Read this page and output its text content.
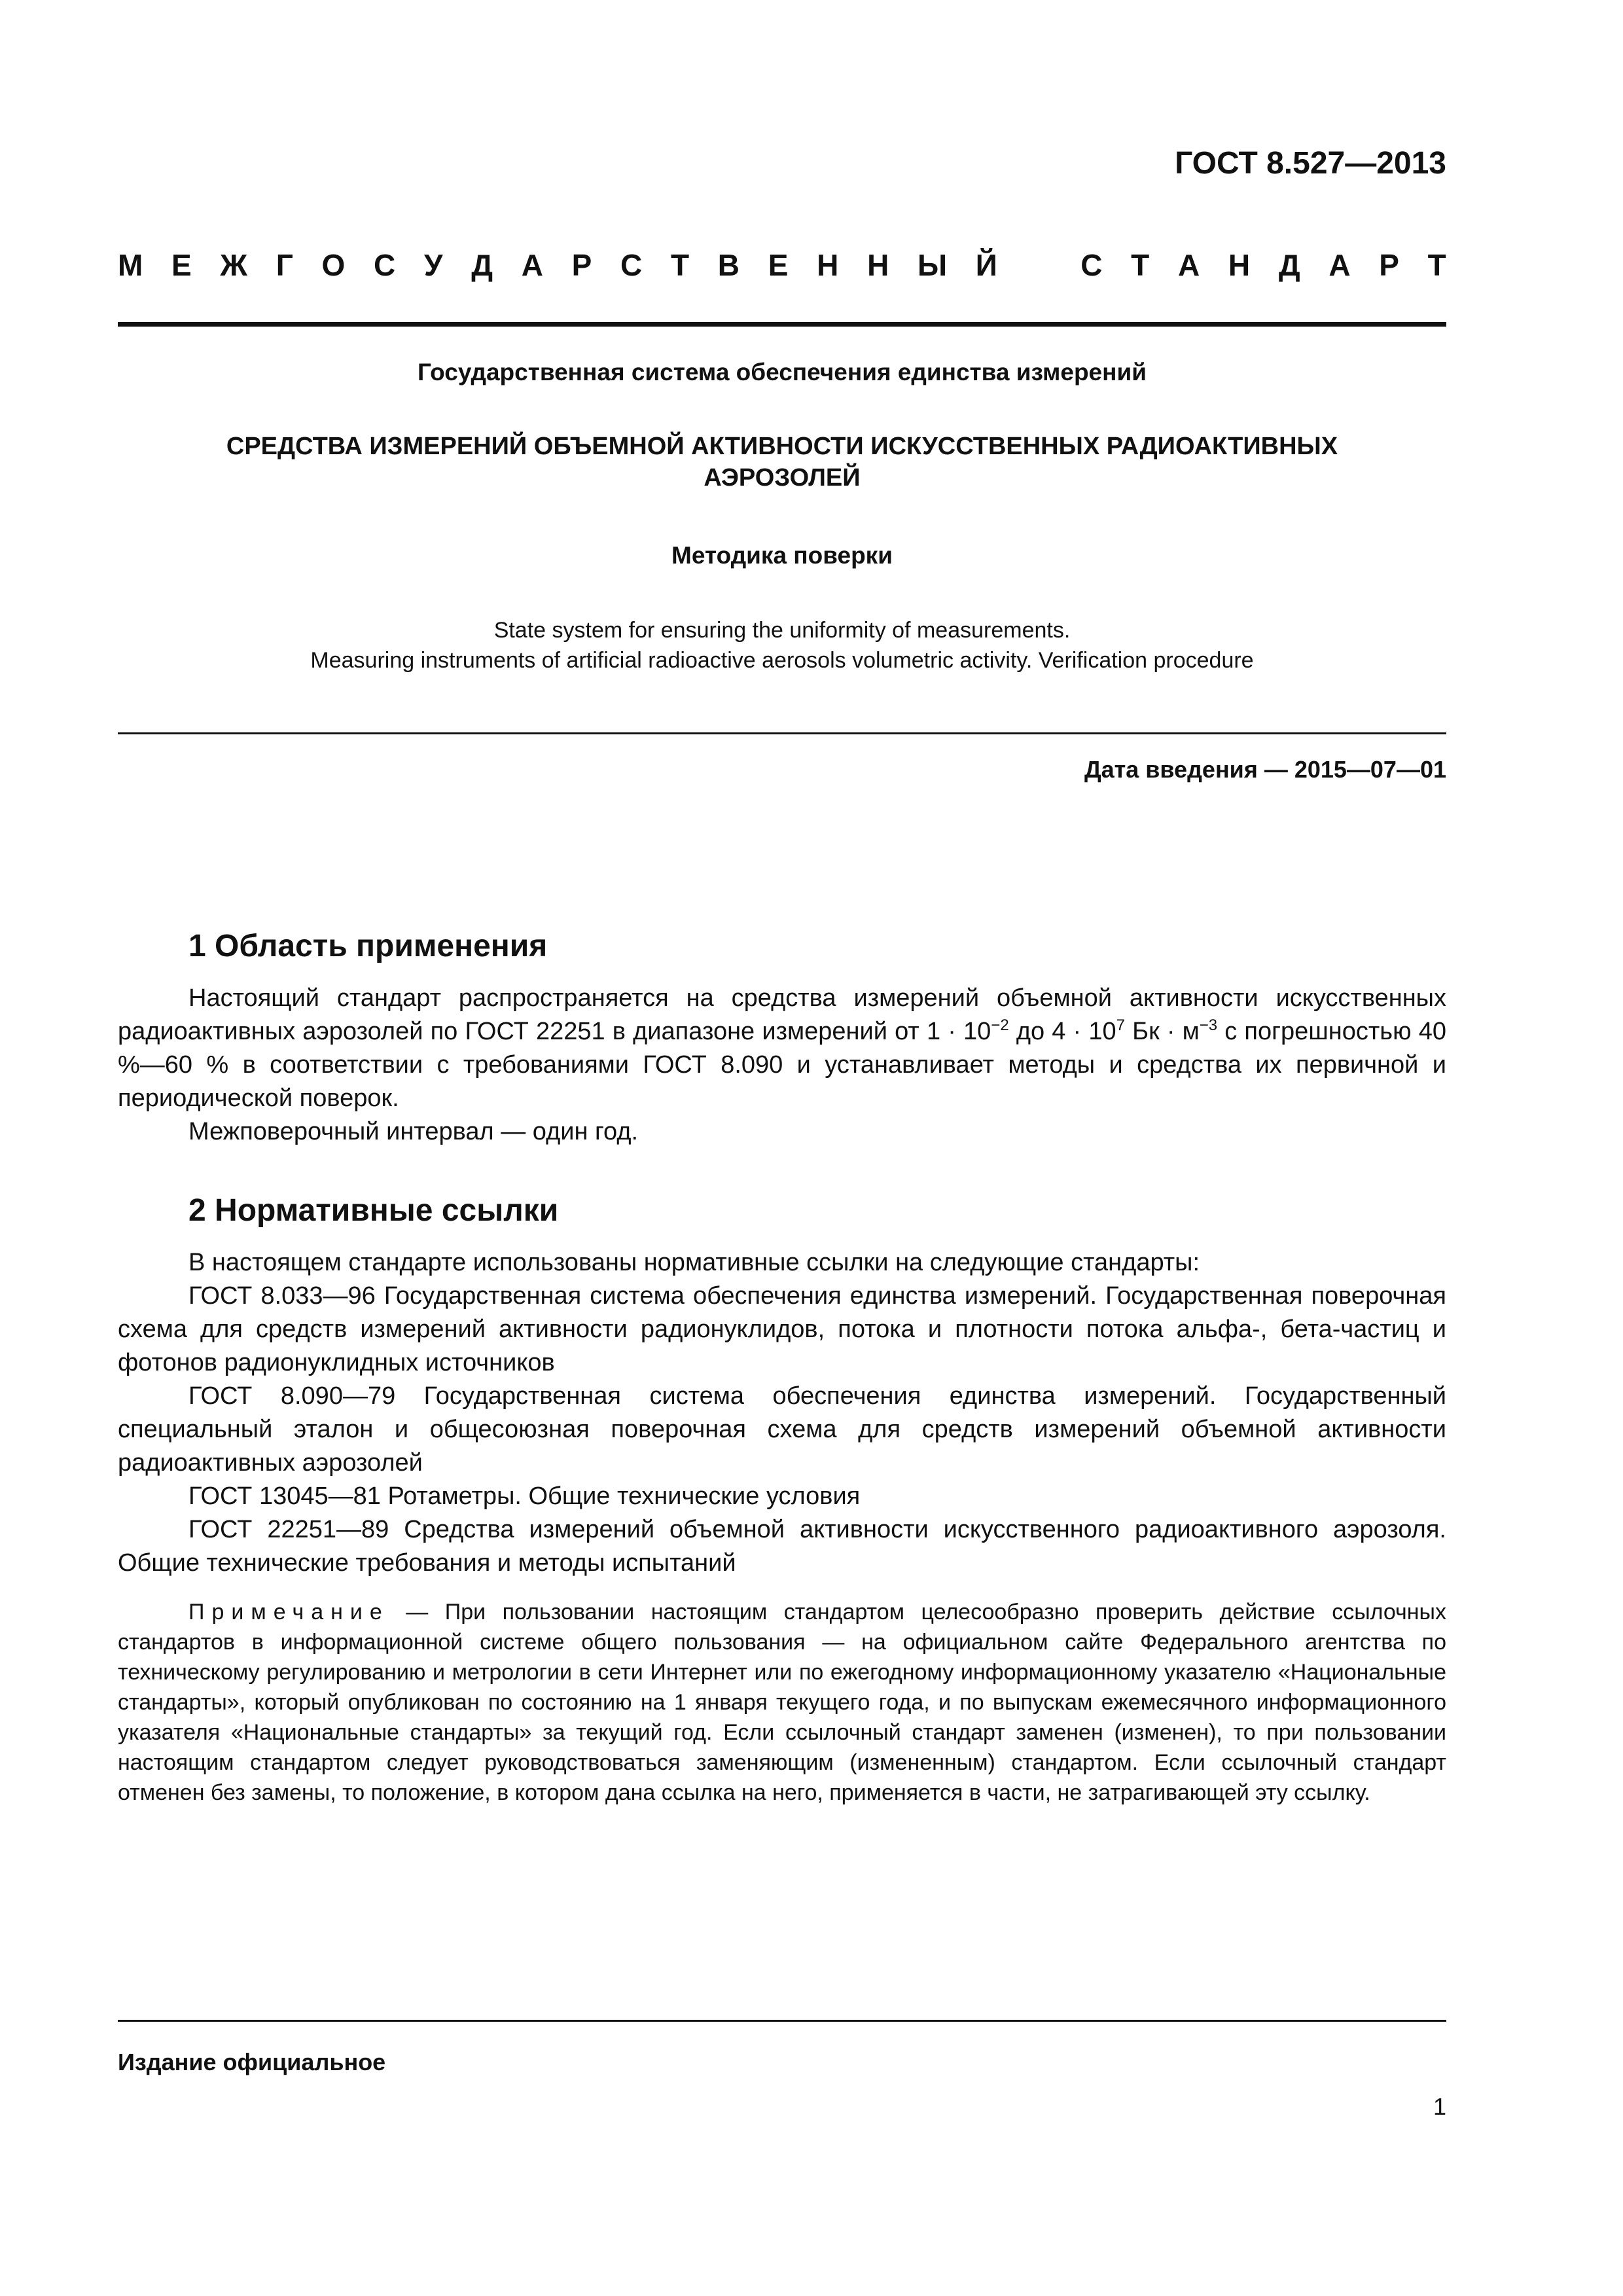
ГОСТ 8.527—2013
М Е Ж Г О С У Д А Р С Т В Е Н Н Ы Й	С Т А Н Д А Р Т
Государственная система обеспечения единства измерений
СРЕДСТВА ИЗМЕРЕНИЙ ОБЪЕМНОЙ АКТИВНОСТИ ИСКУССТВЕННЫХ РАДИОАКТИВНЫХ
АЭРОЗОЛЕЙ
Методика поверки
State system for ensuring the uniformity of measurements.
Measuring instruments of artificial radioactive aerosols volumetric activity. Verification procedure
Дата введения — 2015—07—01
1 Область применения

Настоящий стандарт распространяется на средства измерений объемной активности искусственных радиоактивных аэрозолей по ГОСТ 22251 в диапазоне измерений от $1 \cdot 10^{-2}$ до $4 \cdot 10^7$ Бк · $м^{-3}$ с погрешностью 40 %—60 % в соответствии с требованиями ГОСТ 8.090 и устанавливает методы и средства их первичной и периодической поверок.

Межповерочный интервал — один год.

2 Нормативные ссылки

В настоящем стандарте использованы нормативные ссылки на следующие стандарты:

ГОСТ 8.033—96 Государственная система обеспечения единства измерений. Государственная поверочная схема для средств измерений активности радионуклидов, потока и плотности потока альфа-, бета-частиц и фотонов радионуклидных источников

ГОСТ 8.090—79 Государственная система обеспечения единства измерений. Государственный специальный эталон и общесоюзная поверочная схема для средств измерений объемной активности радиоактивных аэрозолей

ГОСТ 13045—81 Ротаметры. Общие технические условия

ГОСТ 22251—89 Средства измерений объемной активности искусственного радиоактивного аэрозоля. Общие технические требования и методы испытаний

Примечание — При пользовании настоящим стандартом целесообразно проверить действие ссылочных стандартов в информационной системе общего пользования — на официальном сайте Федерального агентства по техническому регулированию и метрологии в сети Интернет или по ежегодному информационному указателю «Национальные стандарты», который опубликован по состоянию на 1 января текущего года, и по выпускам ежемесячного информационного указателя «Национальные стандарты» за текущий год. Если ссылочный стандарт заменен (изменен), то при пользовании настоящим стандартом следует руководствоваться заменяющим (измененным) стандартом. Если ссылочный стандарт отменен без замены, то положение, в котором дана ссылка на него, применяется в части, не затрагивающей эту ссылку.
Издание официальное
1
